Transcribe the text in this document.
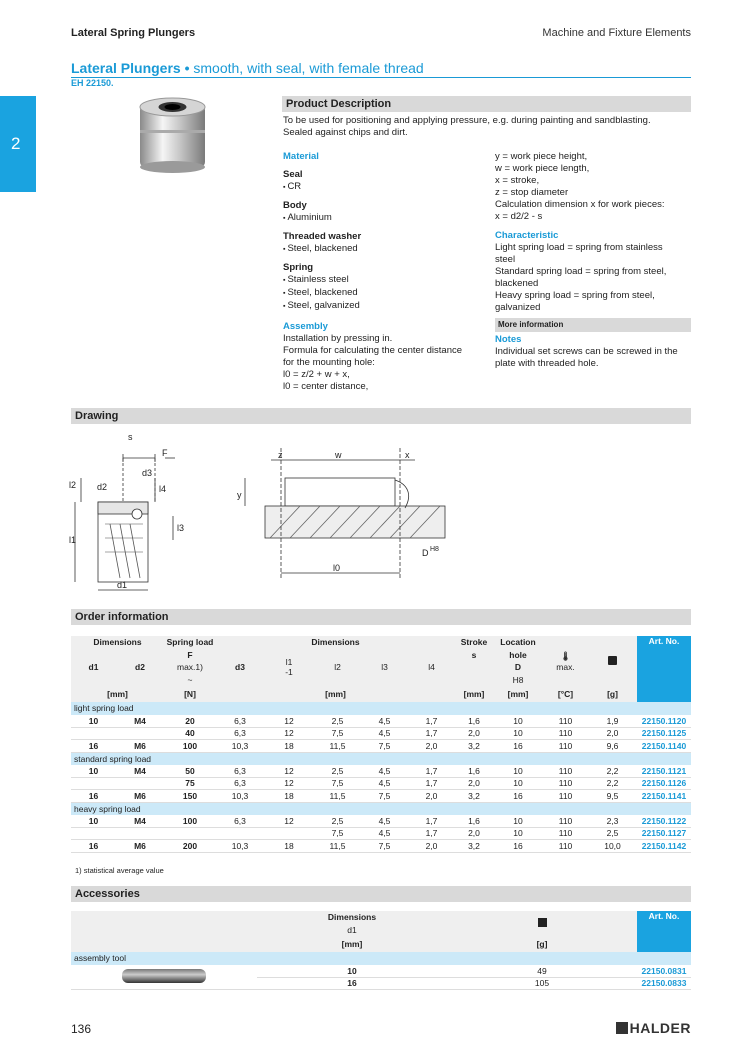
Lateral Spring Plungers	Machine and Fixture Elements
2
Lateral Plungers • smooth, with seal, with female thread
EH 22150.
Product Description
To be used for positioning and applying pressure, e.g. during painting and sandblasting.
Sealed against chips and dirt.
Material
Seal
▪ CR
Body
▪ Aluminium
Threaded washer
▪ Steel, blackened
Spring
▪ Stainless steel
▪ Steel, blackened
▪ Steel, galvanized
Assembly
Installation by pressing in.
Formula for calculating the center distance
for the mounting hole:
l0 = z/2 + w + x,
l0 = center distance,
y = work piece height,
w = work piece length,
x = stroke,
z = stop diameter
Calculation dimension x for work pieces:
x = d2/2 - s
Characteristic
Light spring load = spring from stainless
steel
Standard spring load = spring from steel,
blackened
Heavy spring load = spring from steel,
galvanized
More information
Notes
Individual set screws can be screwed in the
plate with threaded hole.
Drawing
s
F
d3
d2
l2	l4
l1
l3
d1
z	w	x
y
D H8
l0
Order information
Dimensions		Spring load	Dimensions					Stroke	Location	🌡
max.		Art. No.
d1	d2	F	d3	l1
-1	l2	l3	l4	s	hole			
		max.1)							D			
		~							H8			
[mm]		[N]	[mm]					[mm]	[mm]	[°C]	[g]	
light spring load												
10	M4	20	6,3	12	2,5	4,5	1,7	1,6	10	110	1,9	22150.1120
		40	6,3	12	7,5	4,5	1,7	2,0	10	110	2,0	22150.1125
16	M6	100	10,3	18	11,5	7,5	2,0	3,2	16	110	9,6	22150.1140
standard spring load												
10	M4	50	6,3	12	2,5	4,5	1,7	1,6	10	110	2,2	22150.1121
		75	6,3	12	7,5	4,5	1,7	2,0	10	110	2,2	22150.1126
16	M6	150	10,3	18	11,5	7,5	2,0	3,2	16	110	9,5	22150.1141
heavy spring load												
10	M4	100	6,3	12	2,5	4,5	1,7	1,6	10	110	2,3	22150.1122
					7,5	4,5	1,7	2,0	10	110	2,5	22150.1127
16	M6	200	10,3	18	11,5	7,5	2,0	3,2	16	110	10,0	22150.1142
1) statistical average value
Accessories
	Dimensions		Art. No.
	d1		
	[mm]	[g]	
assembly tool			
	10	49	22150.0831
	16	105	22150.0833
136	HALDER
